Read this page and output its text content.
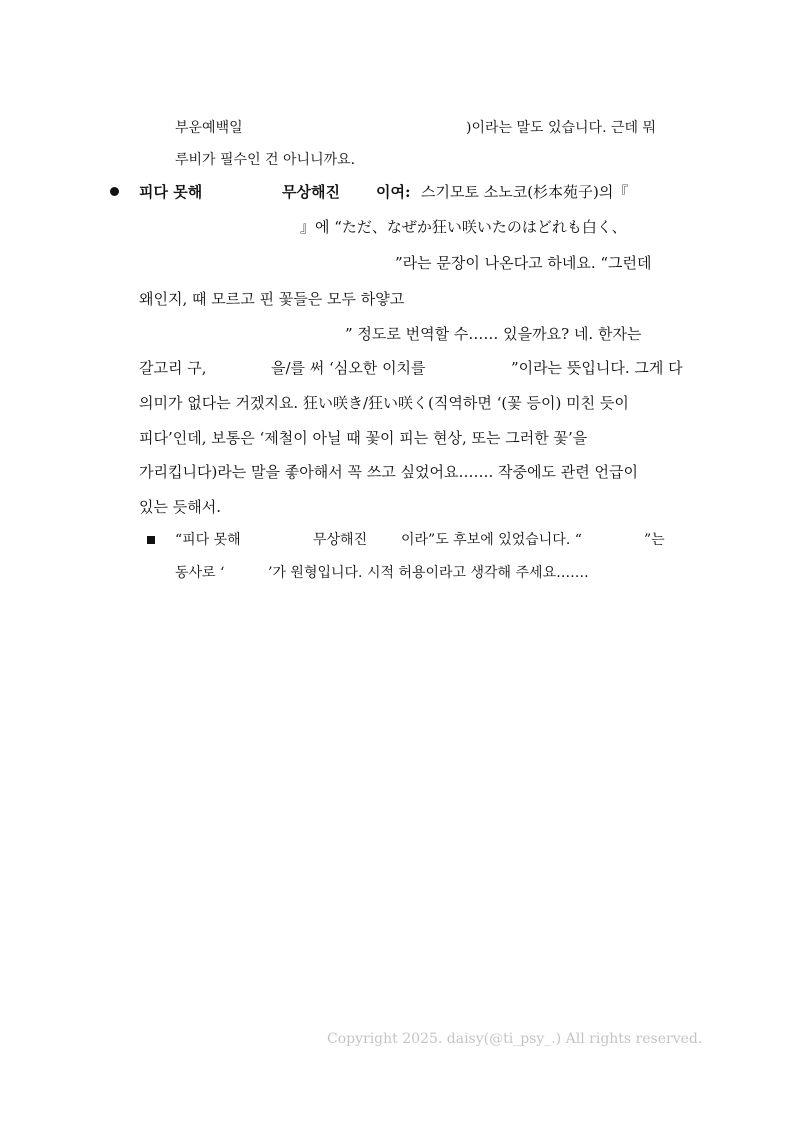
부운예백일	)이라는 말도 있습니다. 근데 뭐
루비가 필수인 건 아니니까요.
피다 못해	무상해진 이여: 스기모토 소노코(杉本苑子)의『
』에 “ただ、なぜか狂い咲いたのはどれも白く、
”라는 문장이 나온다고 하네요. “그런데
왜인지, 때 모르고 핀 꽃들은 모두 하얗고
” 정도로 번역할 수…… 있을까요? 네. 한자는
갈고리 구,	을/를 써 ‘심오한 이치를	”이라는 뜻입니다. 그게 다
의미가 없다는 거겠지요. 狂い咲き/狂い咲く(직역하면 ‘(꽃 등이) 미친 듯이
피다’인데, 보통은 ‘제철이 아닐 때 꽃이 피는 현상, 또는 그러한 꽃’을
가리킵니다)라는 말을 좋아해서 꼭 쓰고 싶었어요……. 작중에도 관련 언급이
있는 듯해서.
“피다 못해	무상해진 이라”도 후보에 있었습니다. “	”는
동사로 ‘	’가 원형입니다. 시적 허용이라고 생각해 주세요…….
Copyright 2025. daisy(@ti_psy_.) All rights reserved.
